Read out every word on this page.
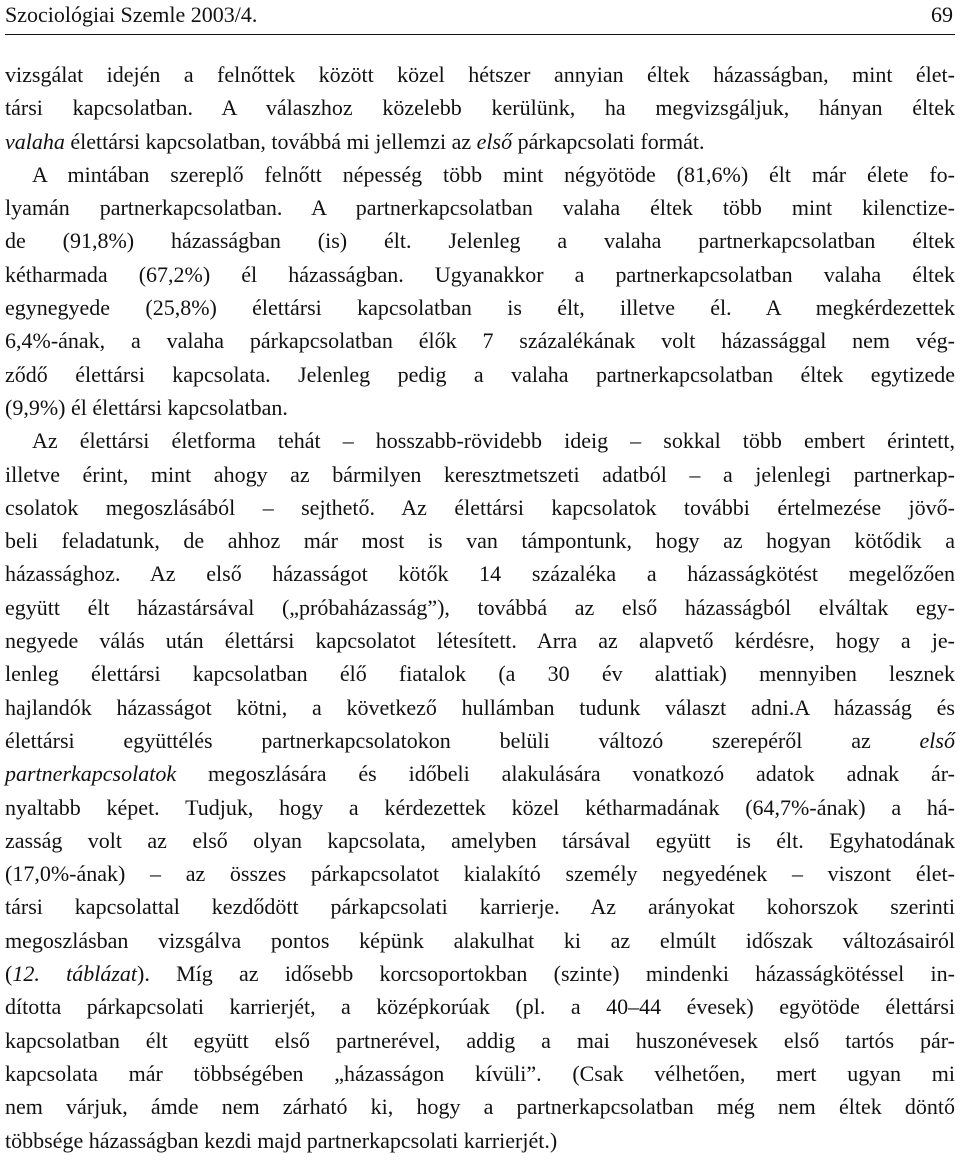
Szociológiai Szemle 2003/4.	69
vizsgálat idején a felnőttek között közel hétszer annyian éltek házasságban, mint élet-
társi kapcsolatban. A válaszhoz közelebb kerülünk, ha megvizsgáljuk, hányan éltek
valaha élettársi kapcsolatban, továbbá mi jellemzi az első párkapcsolati formát.
A mintában szereplő felnőtt népesség több mint négyötöde (81,6%) élt már élete fo-
lyamán partnerkapcsolatban. A partnerkapcsolatban valaha éltek több mint kilenctize-
de (91,8%) házasságban (is) élt. Jelenleg a valaha partnerkapcsolatban éltek
kétharmada (67,2%) él házasságban. Ugyanakkor a partnerkapcsolatban valaha éltek
egynegyede (25,8%) élettársi kapcsolatban is élt, illetve él. A megkérdezettek
6,4%-ának, a valaha párkapcsolatban élők 7 százalékának volt házassággal nem vég-
ződő élettársi kapcsolata. Jelenleg pedig a valaha partnerkapcsolatban éltek egytizede
(9,9%) él élettársi kapcsolatban.
Az élettársi életforma tehát – hosszabb-rövidebb ideig – sokkal több embert érintett,
illetve érint, mint ahogy az bármilyen keresztmetszeti adatból – a jelenlegi partnerkap-
csolatok megoszlásából – sejthető. Az élettársi kapcsolatok további értelmezése jövő-
beli feladatunk, de ahhoz már most is van támpontunk, hogy az hogyan kötődik a
házassághoz. Az első házasságot kötők 14 százaléka a házasságkötést megelőzően
együtt élt házastársával („próbaházasság”), továbbá az első házasságból elváltak egy-
negyede válás után élettársi kapcsolatot létesített. Arra az alapvető kérdésre, hogy a je-
lenleg élettársi kapcsolatban élő fiatalok (a 30 év alattiak) mennyiben lesznek
hajlandók házasságot kötni, a következő hullámban tudunk választ adni.A házasság és
élettársi együttélés partnerkapcsolatokon belüli változó szerepéről az első
partnerkapcsolatok megoszlására és időbeli alakulására vonatkozó adatok adnak ár-
nyaltabb képet. Tudjuk, hogy a kérdezettek közel kétharmadának (64,7%-ának) a há-
zasság volt az első olyan kapcsolata, amelyben társával együtt is élt. Egyhatodának
(17,0%-ának) – az összes párkapcsolatot kialakító személy negyedének – viszont élet-
társi kapcsolattal kezdődött párkapcsolati karrierje. Az arányokat kohorszok szerinti
megoszlásban vizsgálva pontos képünk alakulhat ki az elmúlt időszak változásairól
(12. táblázat). Míg az idősebb korcsoportokban (szinte) mindenki házasságkötéssel in-
dította párkapcsolati karrierjét, a középkorúak (pl. a 40–44 évesek) egyötöde élettársi
kapcsolatban élt együtt első partnerével, addig a mai huszonévesek első tartós pár-
kapcsolata már többségében „házasságon kívüli”. (Csak vélhetően, mert ugyan mi
nem várjuk, ámde nem zárható ki, hogy a partnerkapcsolatban még nem éltek döntő
többsége házasságban kezdi majd partnerkapcsolati karrierjét.)
